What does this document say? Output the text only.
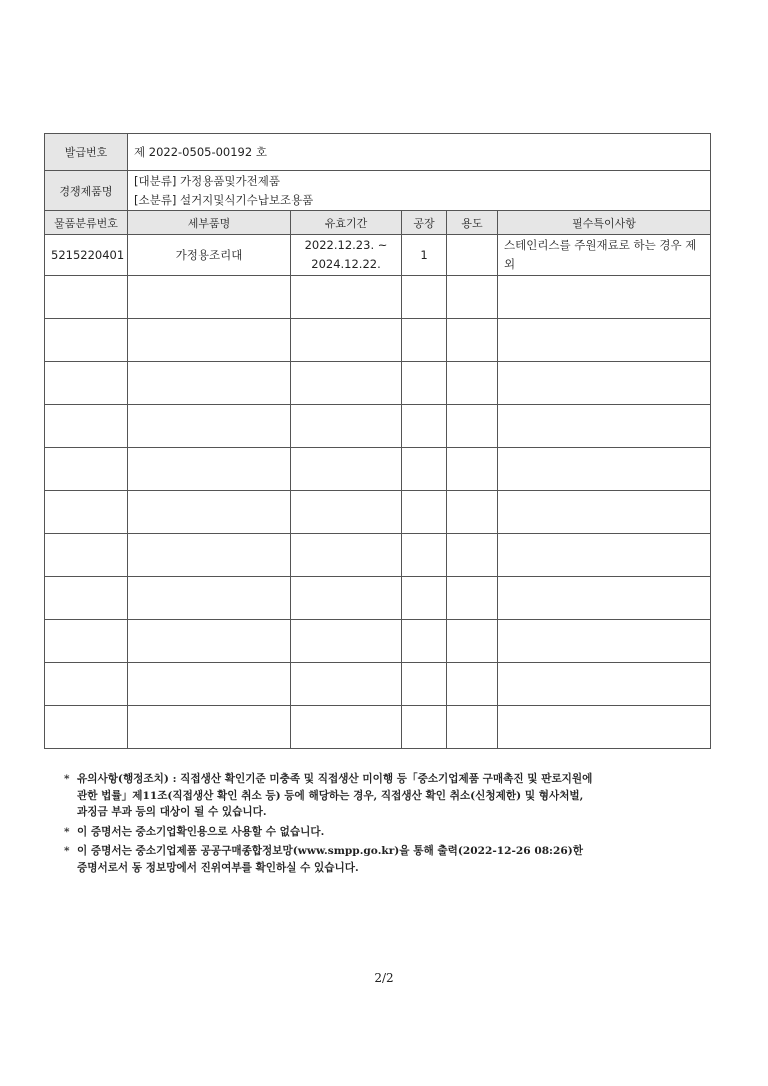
발급번호	제 2022-0505-00192 호				
경쟁제품명	[대분류] 가정용품및가전제품
[소분류] 설거지및식기수납보조용품				

물품분류번호	세부품명	유효기간	공장	용도	필수특이사항
5215220401	가정용조리대	2022.12.23. ~
2024.12.22.	1		스테인리스를 주원재료로 하는 경우 제외

* 유의사항(행정조치) : 직접생산 확인기준 미충족 및 직접생산 미이행 등「중소기업제품 구매촉진 및 판로지원에
관한 법률」제11조(직접생산 확인 취소 등) 등에 해당하는 경우, 직접생산 확인 취소(신청제한) 및 형사처벌,
과징금 부과 등의 대상이 될 수 있습니다.
* 이 증명서는 중소기업확인용으로 사용할 수 없습니다.
* 이 증명서는 중소기업제품 공공구매종합정보망(www.smpp.go.kr)을 통해 출력(2022-12-26 08:26)한
증명서로서 동 정보망에서 진위여부를 확인하실 수 있습니다.
2/2
